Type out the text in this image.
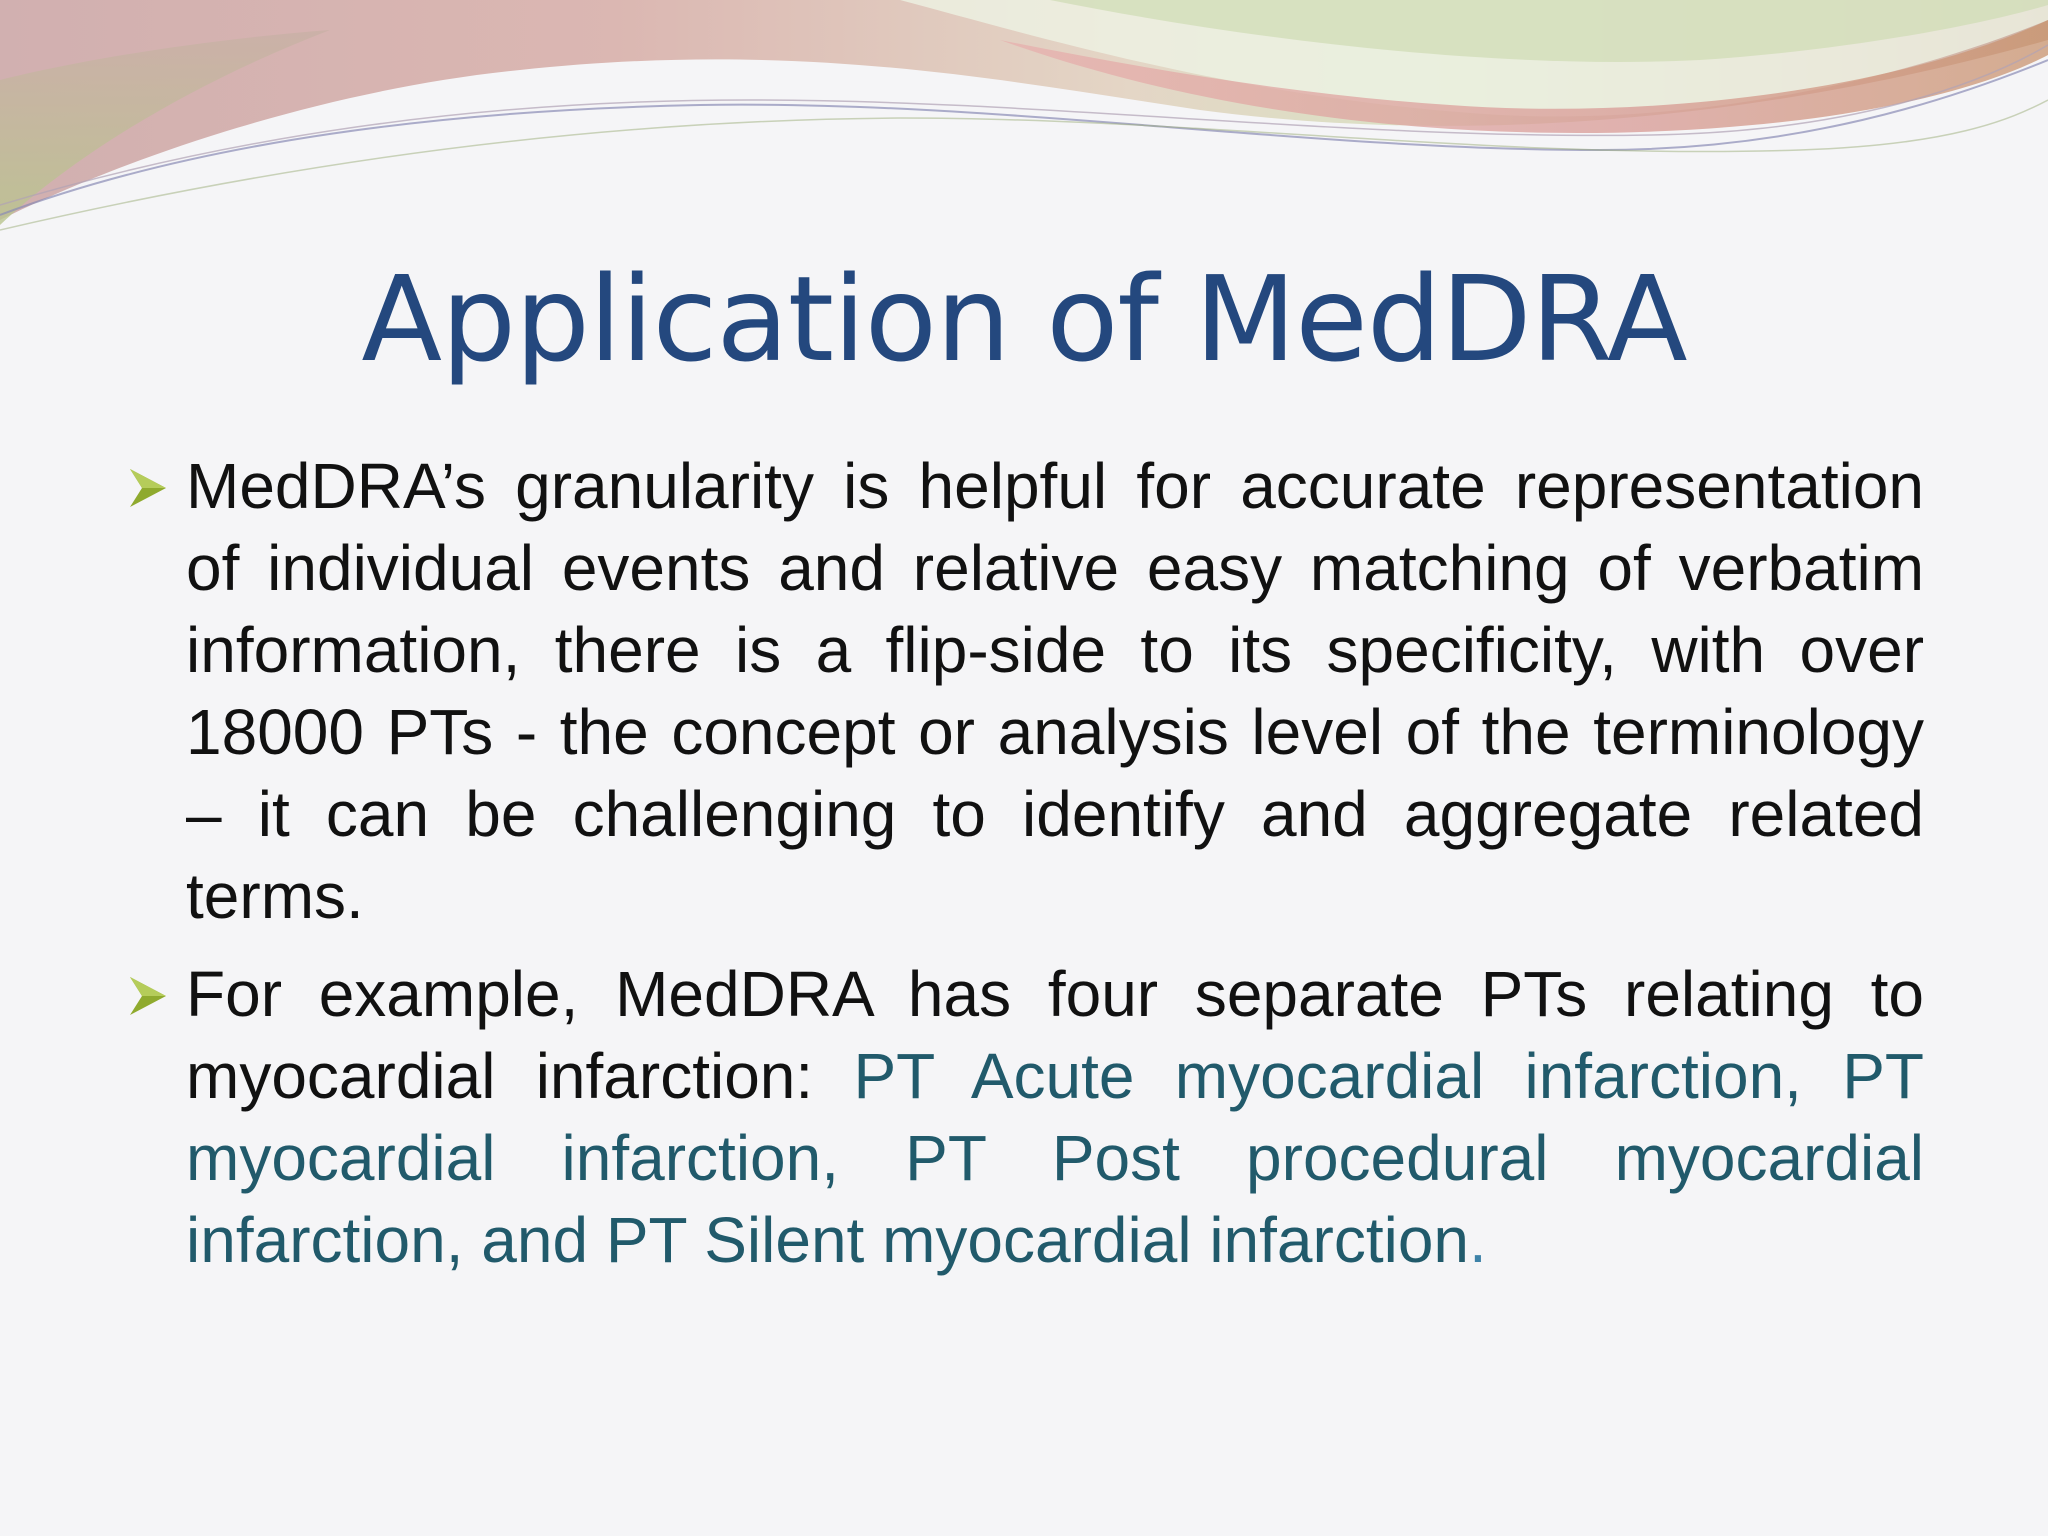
Application of MedDRA
MedDRA’s granularity is helpful for accurate representation of individual events and relative easy matching of verbatim information, there is a flip-side to its specificity, with over 18000 PTs - the concept or analysis level of the terminology – it can be challenging to identify and aggregate related terms.
For example, MedDRA has four separate PTs relating to myocardial infarction: PT Acute myocardial infarction, PT myocardial infarction, PT Post procedural myocardial infarction, and PT Silent myocardial infarction.
